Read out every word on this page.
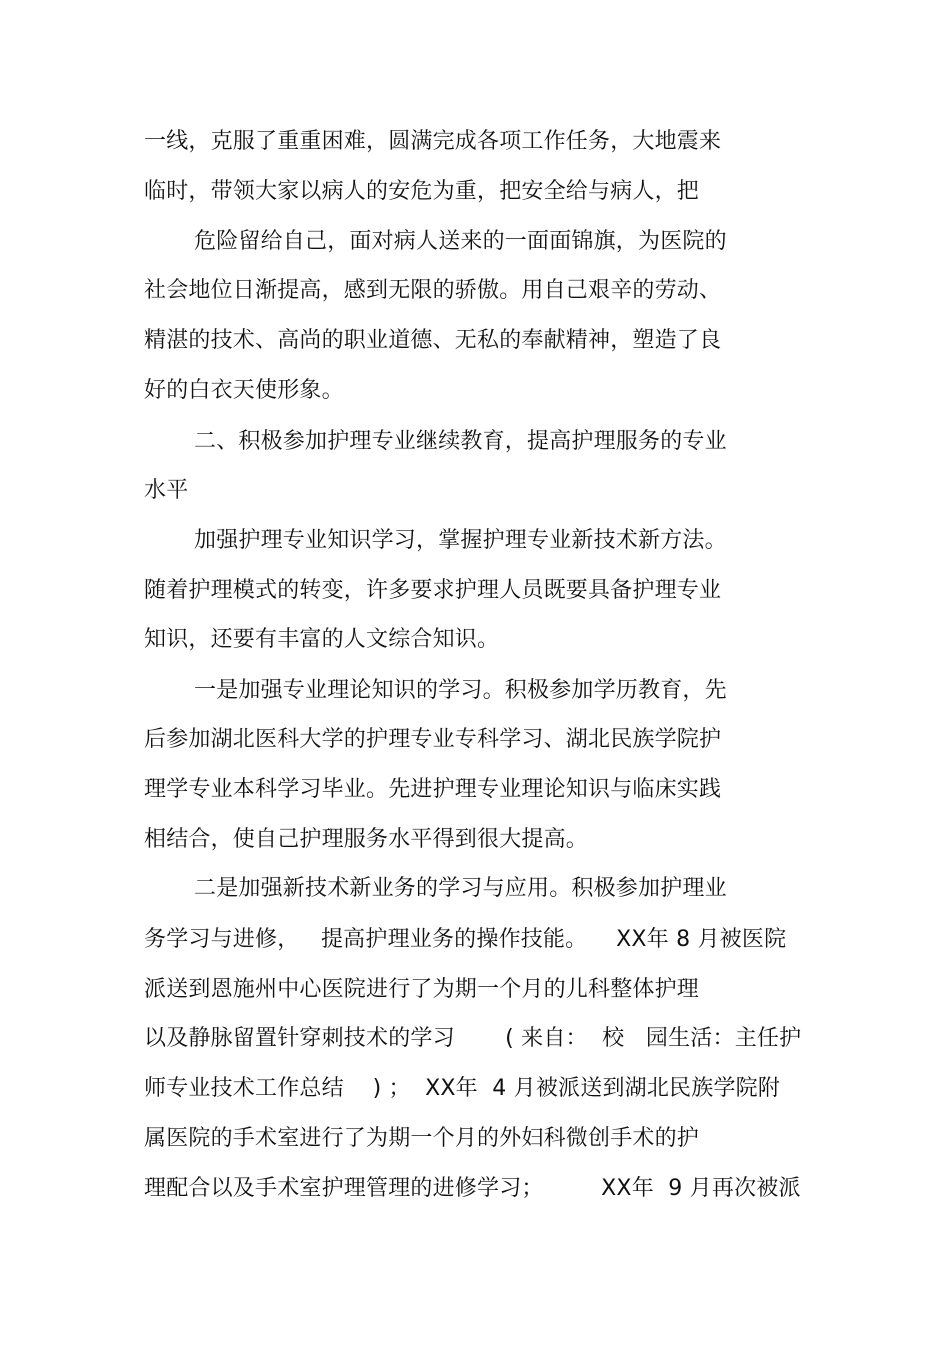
一线，克服了重重困难，圆满完成各项工作任务，大地震来
临时，带领大家以病人的安危为重，把安全给与病人，把
危险留给自己，面对病人送来的一面面锦旗，为医院的
社会地位日渐提高，感到无限的骄傲。用自己艰辛的劳动、
精湛的技术、高尚的职业道德、无私的奉献精神，塑造了良
好的白衣天使形象。
二、积极参加护理专业继续教育，提高护理服务的专业
水平
加强护理专业知识学习，掌握护理专业新技术新方法。
随着护理模式的转变，许多要求护理人员既要具备护理专业
知识，还要有丰富的人文综合知识。
一是加强专业理论知识的学习。积极参加学历教育，先
后参加湖北医科大学的护理专业专科学习、湖北民族学院护
理学专业本科学习毕业。先进护理专业理论知识与临床实践
相结合，使自己护理服务水平得到很大提高。
二是加强新技术新业务的学习与应用。积极参加护理业
务学习与进修，   提高护理业务的操作技能。    XX年 8 月被医院
派送到恩施州中心医院进行了为期一个月的儿科整体护理
以及静脉留置针穿刺技术的学习       ( 来自：  校   园生活：主任护
师专业技术工作总结    ) ；  XX年  4 月被派送到湖北民族学院附
属医院的手术室进行了为期一个月的外妇科微创手术的护
理配合以及手术室护理管理的进修学习；        XX年  9 月再次被派
